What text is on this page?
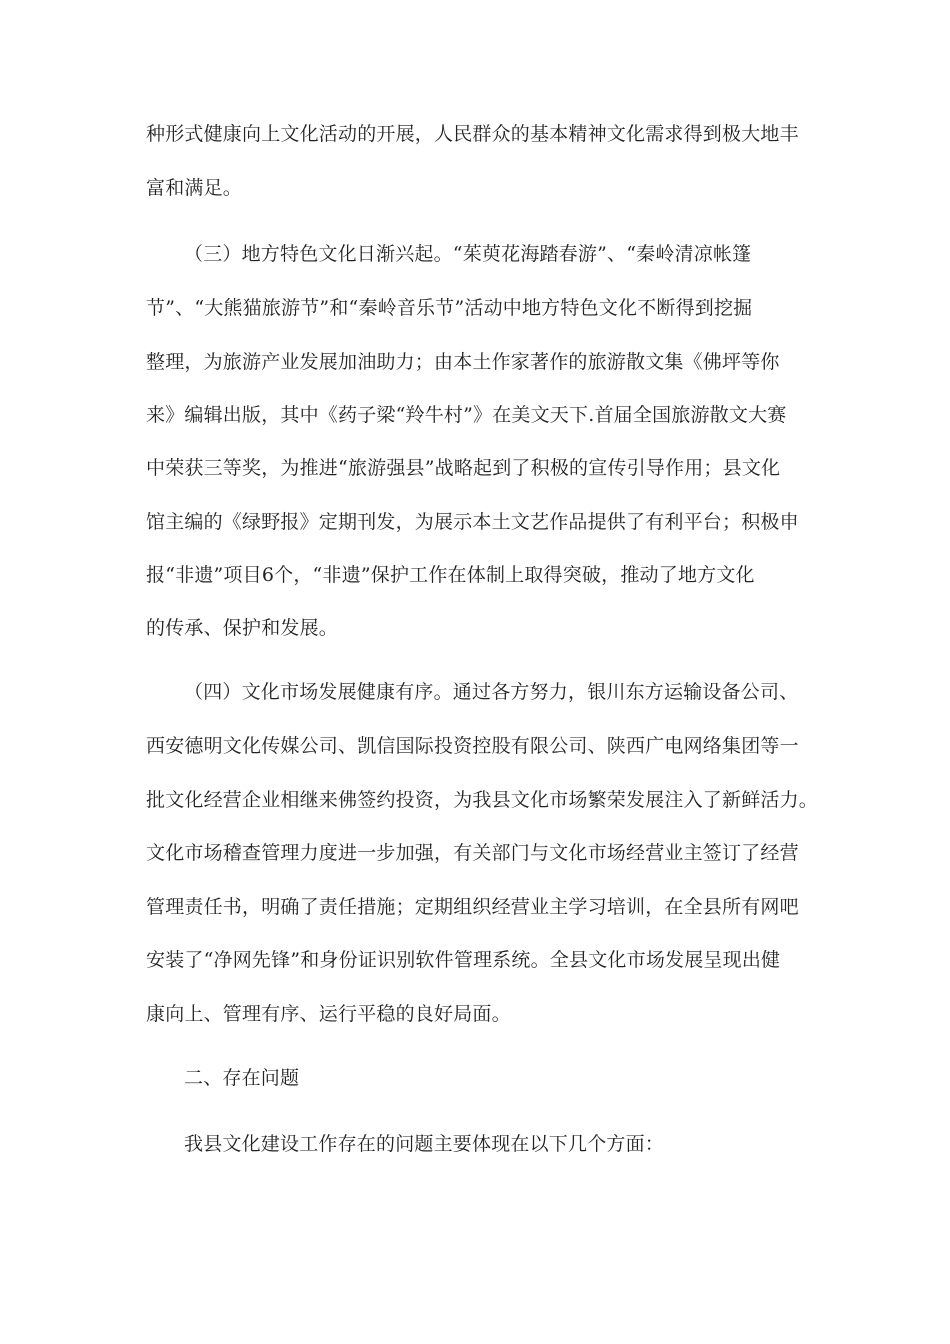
种形式健康向上文化活动的开展，人民群众的基本精神文化需求得到极大地丰
富和满足。
（三）地方特色文化日渐兴起。“茱萸花海踏春游”、“秦岭清凉帐篷
节”、“大熊猫旅游节”和“秦岭音乐节”活动中地方特色文化不断得到挖掘
整理，为旅游产业发展加油助力；由本土作家著作的旅游散文集《佛坪等你
来》编辑出版，其中《药子梁“羚牛村”》在美文天下.首届全国旅游散文大赛
中荣获三等奖，为推进“旅游强县”战略起到了积极的宣传引导作用；县文化
馆主编的《绿野报》定期刊发，为展示本土文艺作品提供了有利平台；积极申
报“非遗”项目6个，“非遗”保护工作在体制上取得突破，推动了地方文化
的传承、保护和发展。
（四）文化市场发展健康有序。通过各方努力，银川东方运输设备公司、
西安德明文化传媒公司、凯信国际投资控股有限公司、陕西广电网络集团等一
批文化经营企业相继来佛签约投资，为我县文化市场繁荣发展注入了新鲜活力。
文化市场稽查管理力度进一步加强，有关部门与文化市场经营业主签订了经营
管理责任书，明确了责任措施；定期组织经营业主学习培训，在全县所有网吧
安装了“净网先锋”和身份证识别软件管理系统。全县文化市场发展呈现出健
康向上、管理有序、运行平稳的良好局面。
二、存在问题
我县文化建设工作存在的问题主要体现在以下几个方面：
